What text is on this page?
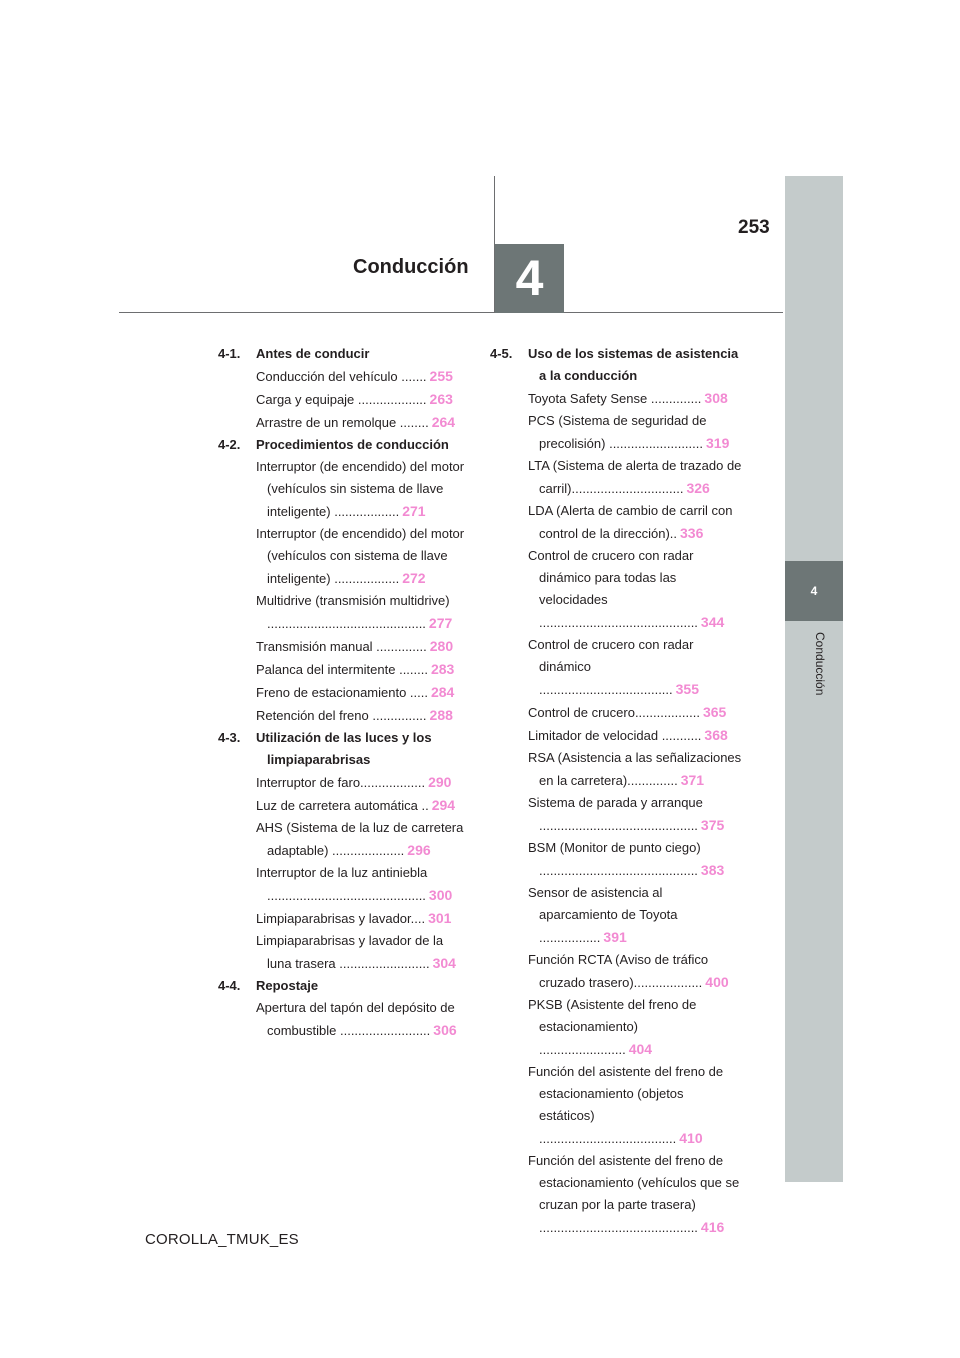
Conducción 4
253
4
Conducción
4-1. Antes de conducir
Conducción del vehículo ....... 255
Carga y equipaje ................... 263
Arrastre de un remolque ........ 264
4-2. Procedimientos de conducción
Interruptor (de encendido) del motor (vehículos sin sistema de llave inteligente) .................. 271
Interruptor (de encendido) del motor (vehículos con sistema de llave inteligente) .................. 272
Multidrive (transmisión multidrive) ............................................ 277
Transmisión manual .............. 280
Palanca del intermitente ........ 283
Freno de estacionamiento ..... 284
Retención del freno ............... 288
4-3. Utilización de las luces y los limpiaparabrisas
Interruptor de faro.................. 290
Luz de carretera automática .. 294
AHS (Sistema de la luz de carretera adaptable) .................... 296
Interruptor de la luz antiniebla ............................................ 300
Limpiaparabrisas y lavador.... 301
Limpiaparabrisas y lavador de la luna trasera ......................... 304
4-4. Repostaje
Apertura del tapón del depósito de combustible ......................... 306
4-5. Uso de los sistemas de asistencia a la conducción
Toyota Safety Sense .............. 308
PCS (Sistema de seguridad de precolisión) .......................... 319
LTA (Sistema de alerta de trazado de carril)............................... 326
LDA (Alerta de cambio de carril con control de la dirección).. 336
Control de crucero con radar dinámico para todas las velocidades ............................................ 344
Control de crucero con radar dinámico ..................................... 355
Control de crucero.................. 365
Limitador de velocidad ........... 368
RSA (Asistencia a las señalizaciones en la carretera).............. 371
Sistema de parada y arranque ............................................ 375
BSM (Monitor de punto ciego) ............................................ 383
Sensor de asistencia al aparcamiento de Toyota ................. 391
Función RCTA (Aviso de tráfico cruzado trasero)................... 400
PKSB (Asistente del freno de estacionamiento) ........................ 404
Función del asistente del freno de estacionamiento (objetos estáticos) ...................................... 410
Función del asistente del freno de estacionamiento (vehículos que se cruzan por la parte trasera) ............................................ 416
COROLLA_TMUK_ES
